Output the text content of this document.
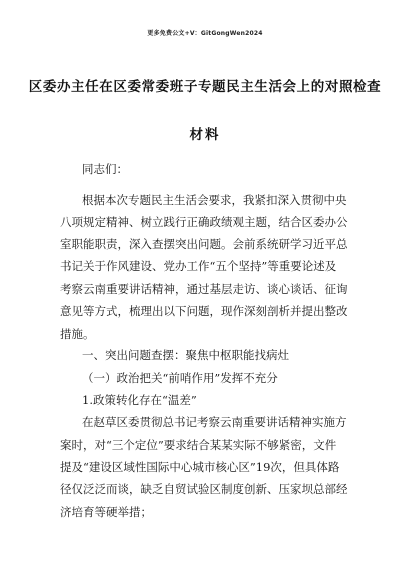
更多免费公文+V：GitGongWen2024
区委办主任在区委常委班子专题民主生活会上的对照检查
材料
同志们：
根据本次专题民主生活会要求，我紧扣深入贯彻中央
八项规定精神、树立践行正确政绩观主题，结合区委办公
室职能职责，深入查摆突出问题。会前系统研学习近平总
书记关于作风建设、党办工作“五个坚持”等重要论述及
考察云南重要讲话精神，通过基层走访、谈心谈话、征询
意见等方式，梳理出以下问题，现作深刻剖析并提出整改
措施。
一、突出问题查摆：聚焦中枢职能找病灶
（一）政治把关“前哨作用”发挥不充分
1.政策转化存在“温差”
在赵草区委贯彻总书记考察云南重要讲话精神实施方
案时，对“三个定位”要求结合某某实际不够紧密，文件
提及“建设区域性国际中心城市核心区”19次，但具体路
径仅泛泛而谈，缺乏自贸试验区制度创新、压家坝总部经
济培育等硬举措；
